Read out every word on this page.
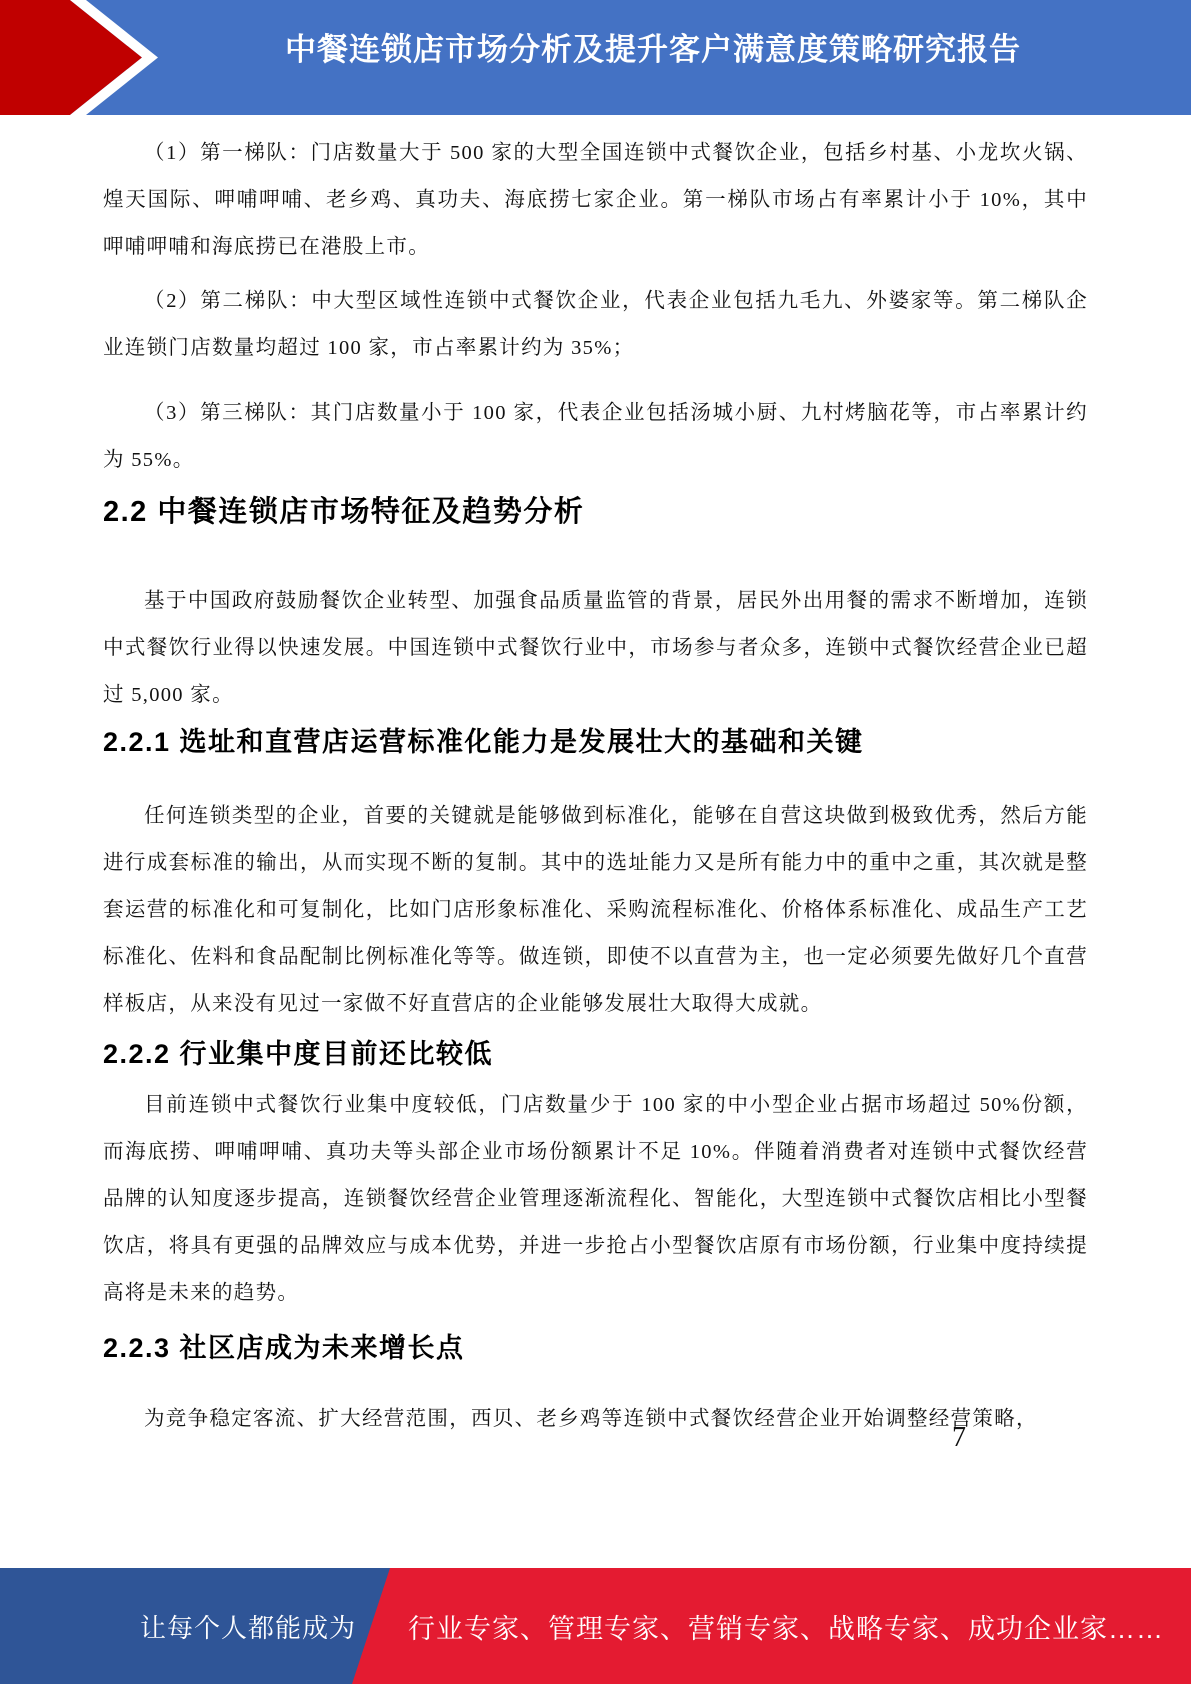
中餐连锁店市场分析及提升客户满意度策略研究报告
（1）第一梯队：门店数量大于 500 家的大型全国连锁中式餐饮企业，包括乡村基、小龙坎火锅、煌天国际、呷哺呷哺、老乡鸡、真功夫、海底捞七家企业。第一梯队市场占有率累计小于 10%，其中呷哺呷哺和海底捞已在港股上市。
（2）第二梯队：中大型区域性连锁中式餐饮企业，代表企业包括九毛九、外婆家等。第二梯队企业连锁门店数量均超过 100 家，市占率累计约为 35%；
（3）第三梯队：其门店数量小于 100 家，代表企业包括汤城小厨、九村烤脑花等，市占率累计约为 55%。
2.2 中餐连锁店市场特征及趋势分析
基于中国政府鼓励餐饮企业转型、加强食品质量监管的背景，居民外出用餐的需求不断增加，连锁中式餐饮行业得以快速发展。中国连锁中式餐饮行业中，市场参与者众多，连锁中式餐饮经营企业已超过 5,000 家。
2.2.1 选址和直营店运营标准化能力是发展壮大的基础和关键
任何连锁类型的企业，首要的关键就是能够做到标准化，能够在自营这块做到极致优秀，然后方能进行成套标准的输出，从而实现不断的复制。其中的选址能力又是所有能力中的重中之重，其次就是整套运营的标准化和可复制化，比如门店形象标准化、采购流程标准化、价格体系标准化、成品生产工艺标准化、佐料和食品配制比例标准化等等。做连锁，即使不以直营为主，也一定必须要先做好几个直营样板店，从来没有见过一家做不好直营店的企业能够发展壮大取得大成就。
2.2.2 行业集中度目前还比较低
目前连锁中式餐饮行业集中度较低，门店数量少于 100 家的中小型企业占据市场超过 50%份额，而海底捞、呷哺呷哺、真功夫等头部企业市场份额累计不足 10%。伴随着消费者对连锁中式餐饮经营品牌的认知度逐步提高，连锁餐饮经营企业管理逐渐流程化、智能化，大型连锁中式餐饮店相比小型餐饮店，将具有更强的品牌效应与成本优势，并进一步抢占小型餐饮店原有市场份额，行业集中度持续提高将是未来的趋势。
2.2.3 社区店成为未来增长点
为竞争稳定客流、扩大经营范围，西贝、老乡鸡等连锁中式餐饮经营企业开始调整经营策略，
7
让每个人都能成为 行业专家、管理专家、营销专家、战略专家、成功企业家……
